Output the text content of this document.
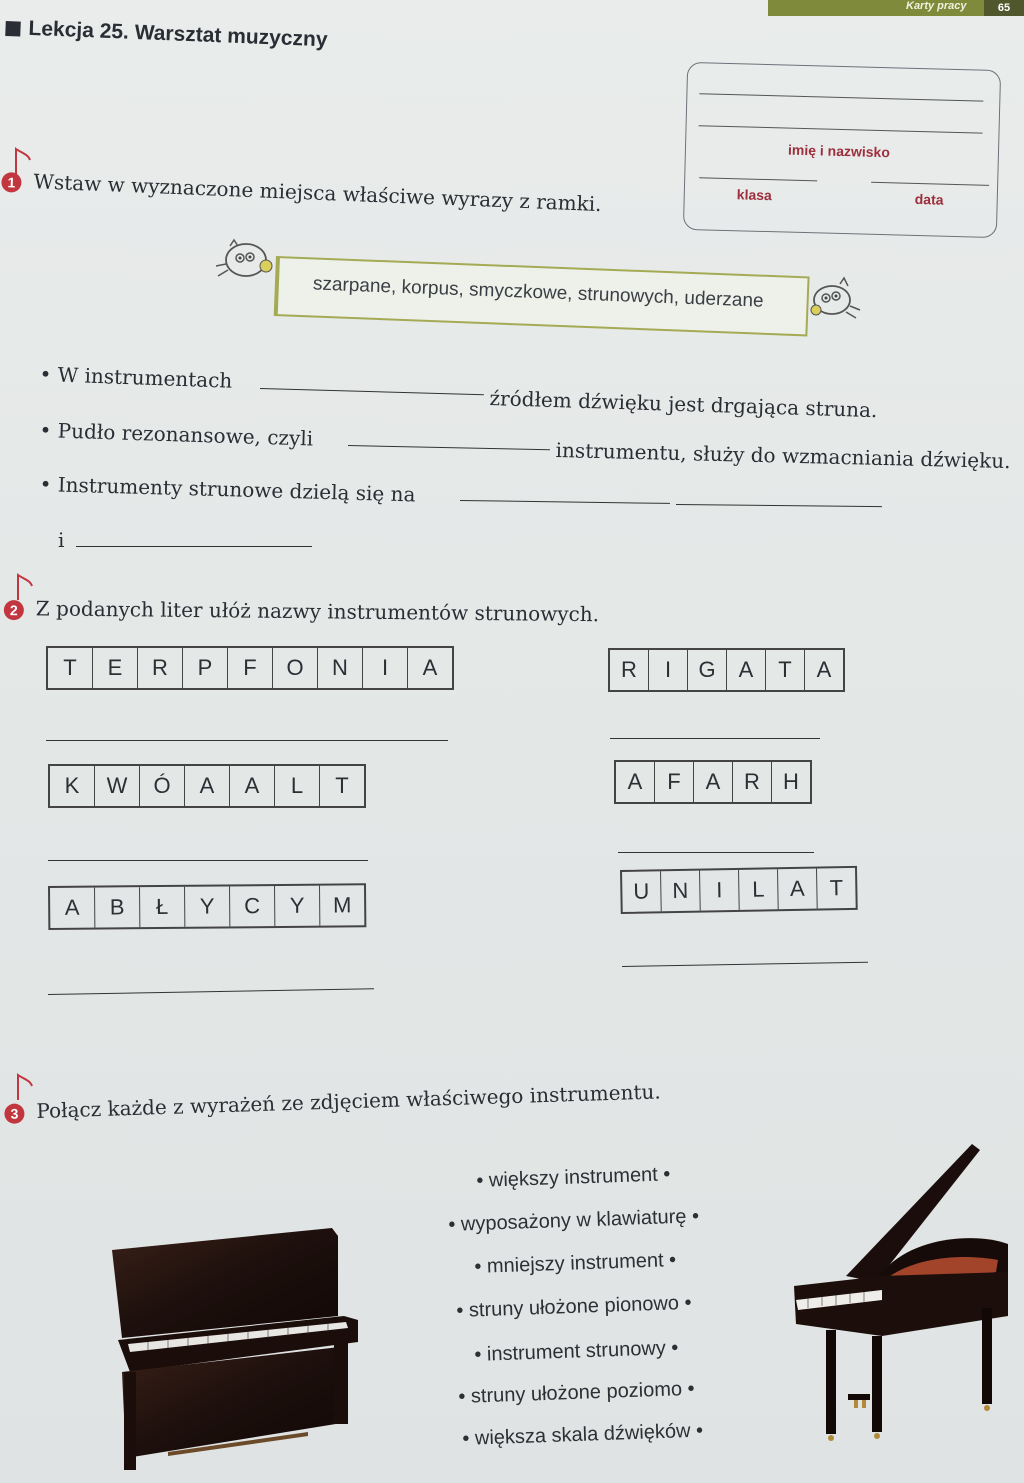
Karty pracy	65
Lekcja 25. Warsztat muzyczny
imię i nazwisko
klasa	data
1 Wstaw w wyznaczone miejsca właściwe wyrazy z ramki.
szarpane, korpus, smyczkowe, strunowych, uderzane
• W instrumentach
źródłem dźwięku jest drgająca struna.
• Pudło rezonansowe, czyli
instrumentu, służy do wzmacniania dźwięku.
• Instrumenty strunowe dzielą się na
i
2 Z podanych liter ułóż nazwy instrumentów strunowych.
T	E	R	P	F	O	N	I	A	R	I	G	A	T	A
K	W	Ó	A	A	L	T	A	F	A	R	H
A	B	Ł	Y	C	Y	M
U	N	I	L	A	T
3 Połącz każde z wyrażeń ze zdjęciem właściwego instrumentu.
• większy instrument •
• wyposażony w klawiaturę •
• mniejszy instrument •
• struny ułożone pionowo •
• instrument strunowy •
• struny ułożone poziomo •
• większa skala dźwięków •
